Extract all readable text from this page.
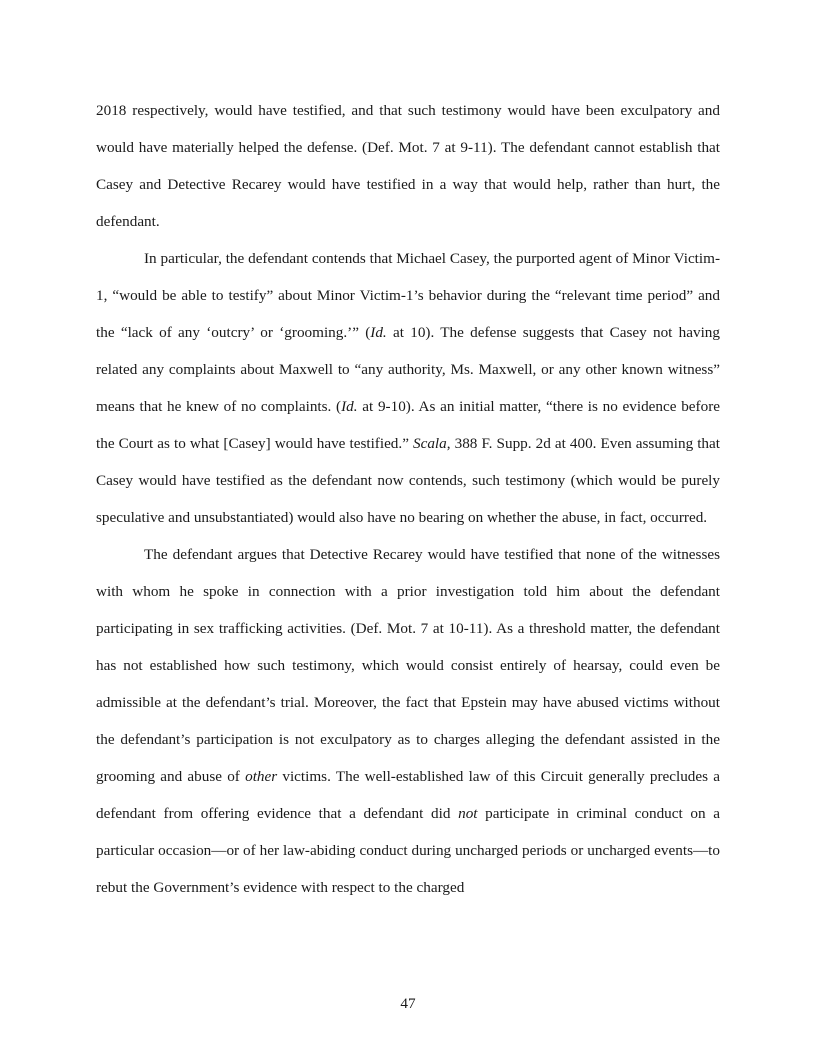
2018 respectively, would have testified, and that such testimony would have been exculpatory and would have materially helped the defense. (Def. Mot. 7 at 9-11). The defendant cannot establish that Casey and Detective Recarey would have testified in a way that would help, rather than hurt, the defendant.

In particular, the defendant contends that Michael Casey, the purported agent of Minor Victim-1, “would be able to testify” about Minor Victim-1’s behavior during the “relevant time period” and the “lack of any ‘outcry’ or ‘grooming.’” (Id. at 10). The defense suggests that Casey not having related any complaints about Maxwell to “any authority, Ms. Maxwell, or any other known witness” means that he knew of no complaints. (Id. at 9-10). As an initial matter, “there is no evidence before the Court as to what [Casey] would have testified.” Scala, 388 F. Supp. 2d at 400. Even assuming that Casey would have testified as the defendant now contends, such testimony (which would be purely speculative and unsubstantiated) would also have no bearing on whether the abuse, in fact, occurred.

The defendant argues that Detective Recarey would have testified that none of the witnesses with whom he spoke in connection with a prior investigation told him about the defendant participating in sex trafficking activities. (Def. Mot. 7 at 10-11). As a threshold matter, the defendant has not established how such testimony, which would consist entirely of hearsay, could even be admissible at the defendant’s trial. Moreover, the fact that Epstein may have abused victims without the defendant’s participation is not exculpatory as to charges alleging the defendant assisted in the grooming and abuse of other victims. The well-established law of this Circuit generally precludes a defendant from offering evidence that a defendant did not participate in criminal conduct on a particular occasion—or of her law-abiding conduct during uncharged periods or uncharged events—to rebut the Government’s evidence with respect to the charged

47
